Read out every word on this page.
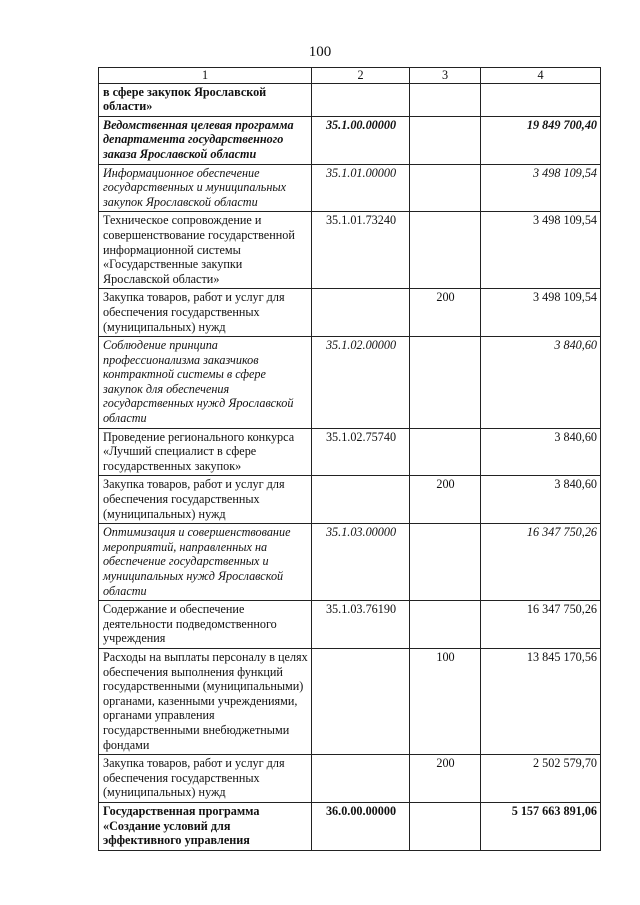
100
1	2	3	4
в сфере закупок Ярославской области»			
Ведомственная целевая программа департамента государственного заказа Ярославской области	35.1.00.00000		19 849 700,40
Информационное обеспечение государственных и муниципальных закупок Ярославской области	35.1.01.00000		3 498 109,54
Техническое сопровождение и совершенствование государственной информационной системы «Государственные закупки Ярославской области»	35.1.01.73240		3 498 109,54
Закупка товаров, работ и услуг для обеспечения государственных (муниципальных) нужд		200	3 498 109,54
Соблюдение принципа профессионализма заказчиков контрактной системы в сфере закупок для обеспечения государственных нужд Ярославской области	35.1.02.00000		3 840,60
Проведение регионального конкурса «Лучший специалист в сфере государственных закупок»	35.1.02.75740		3 840,60
Закупка товаров, работ и услуг для обеспечения государственных (муниципальных) нужд		200	3 840,60
Оптимизация и совершенствование мероприятий, направленных на обеспечение государственных и муниципальных нужд Ярославской области	35.1.03.00000		16 347 750,26
Содержание и обеспечение деятельности подведомственного учреждения	35.1.03.76190		16 347 750,26
Расходы на выплаты персоналу в целях обеспечения выполнения функций государственными (муниципальными) органами, казенными учреждениями, органами управления государственными внебюджетными фондами		100	13 845 170,56
Закупка товаров, работ и услуг для обеспечения государственных (муниципальных) нужд		200	2 502 579,70
Государственная программа «Создание условий для эффективного управления	36.0.00.00000		5 157 663 891,06
